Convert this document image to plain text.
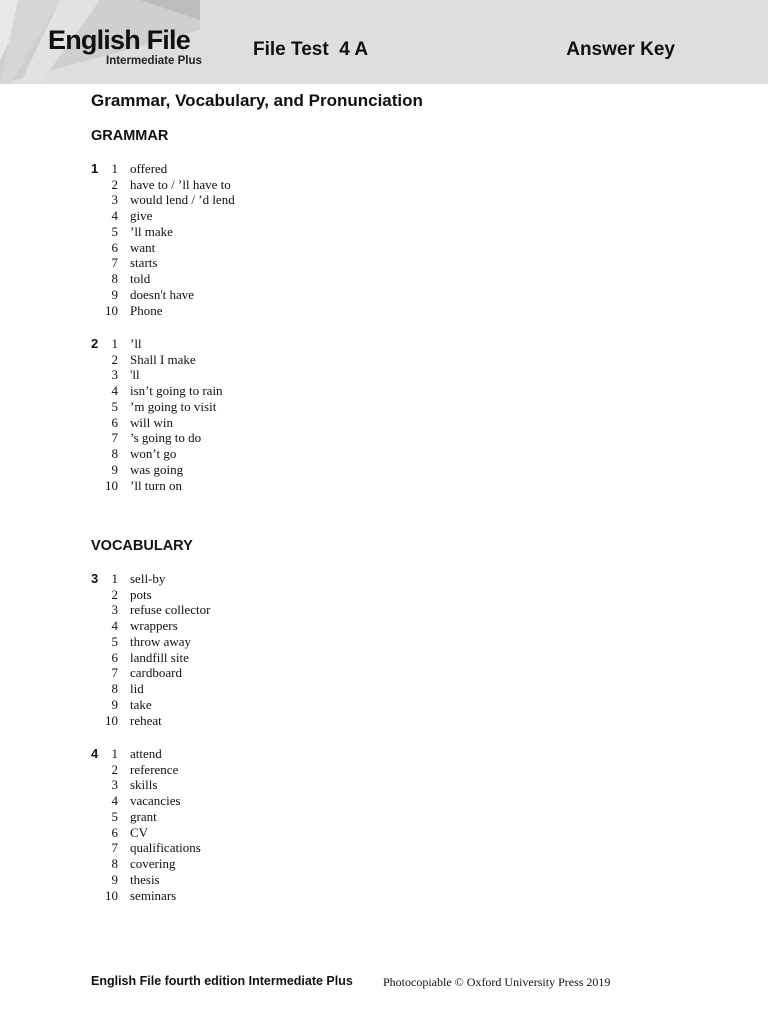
English File
Intermediate Plus
File Test  4 A	Answer Key
Grammar, Vocabulary, and Pronunciation
GRAMMAR
1	1 offered
2 have to / ’ll have to
3 would lend / ’d lend
4 give
5 ’ll make
6 want
7 starts
8 told
9 doesn't have
10 Phone
2	1 ’ll
2 Shall I make
3 'll
4 isn’t going to rain
5 ’m going to visit
6 will win
7 ’s going to do
8 won’t go
9 was going
10 ’ll turn on
VOCABULARY
3	1 sell-by
2 pots
3 refuse collector
4 wrappers
5 throw away
6 landfill site
7 cardboard
8 lid
9 take
10 reheat
4	1 attend
2 reference
3 skills
4 vacancies
5 grant
6 CV
7 qualifications
8 covering
9 thesis
10 seminars
English File fourth edition Intermediate Plus	Photocopiable © Oxford University Press 2019
